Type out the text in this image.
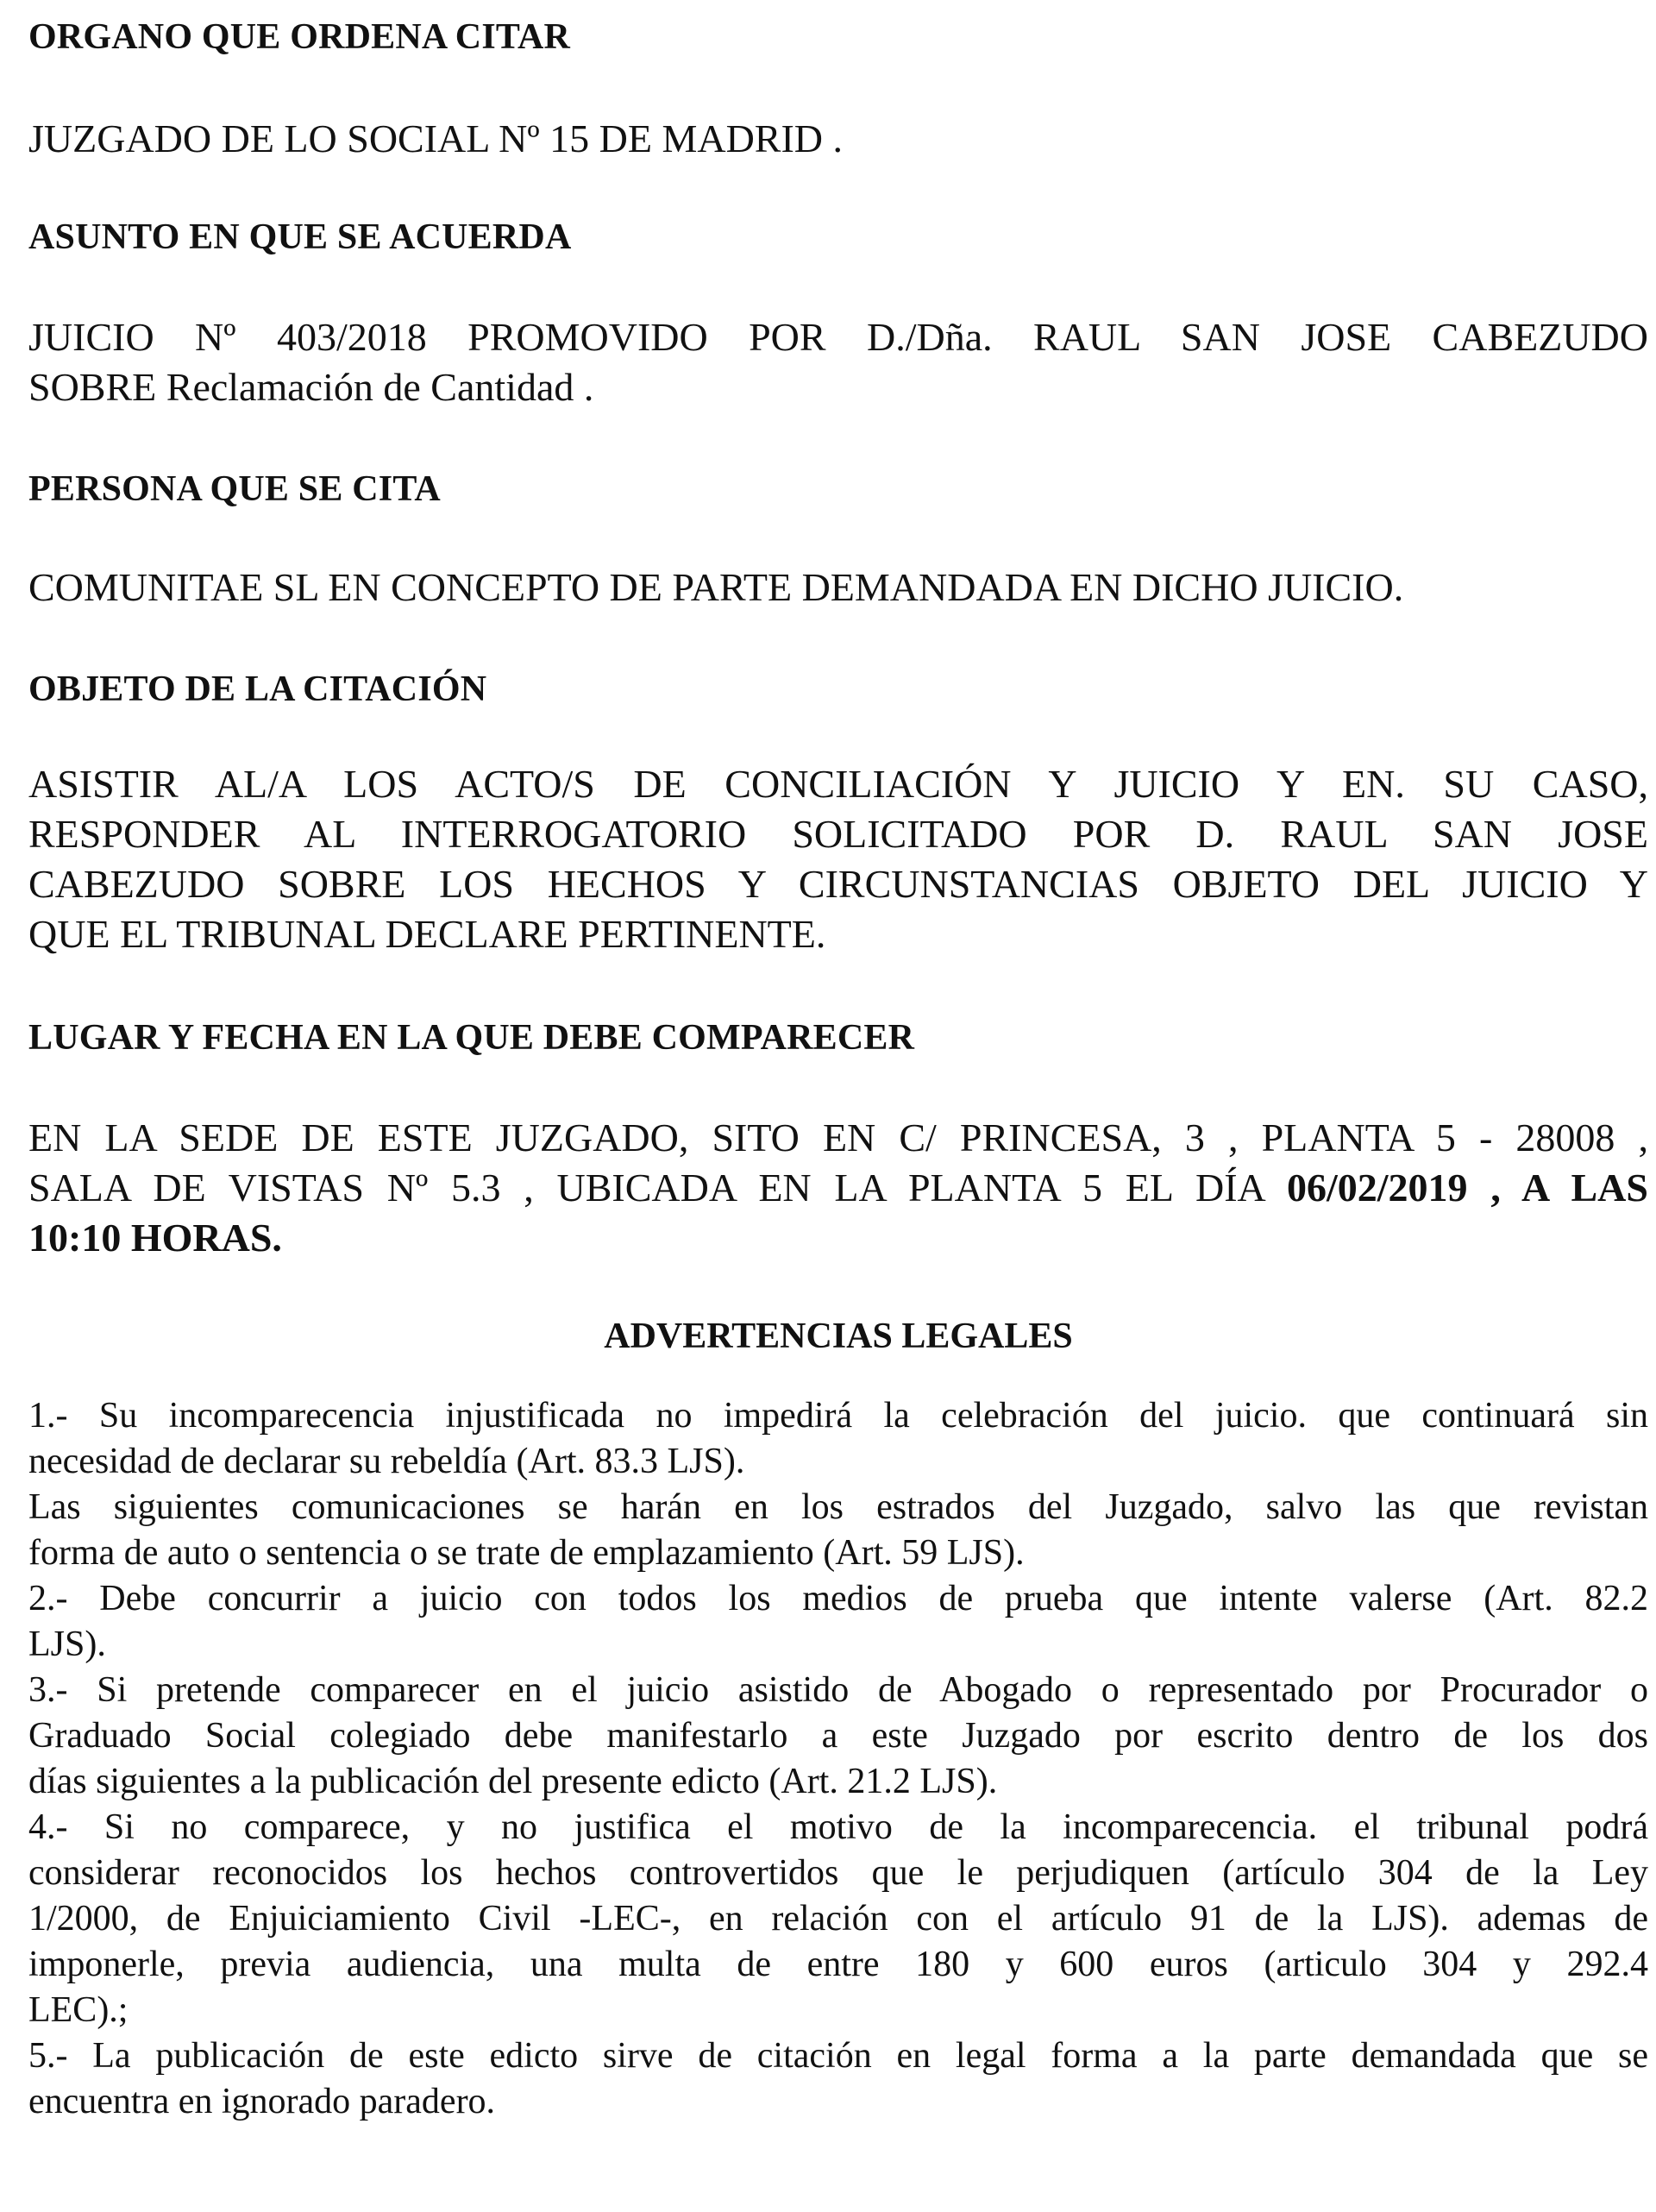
ORGANO QUE ORDENA CITAR
JUZGADO DE LO SOCIAL Nº 15 DE MADRID .
ASUNTO EN QUE SE ACUERDA
JUICIO Nº 403/2018 PROMOVIDO POR D./Dña. RAUL SAN JOSE CABEZUDO
SOBRE Reclamación de Cantidad .
PERSONA QUE SE CITA
COMUNITAE SL EN CONCEPTO DE PARTE DEMANDADA EN DICHO JUICIO.
OBJETO DE LA CITACIÓN
ASISTIR AL/A LOS ACTO/S DE CONCILIACIÓN Y JUICIO Y EN. SU CASO,
RESPONDER AL INTERROGATORIO SOLICITADO POR D. RAUL SAN JOSE
CABEZUDO SOBRE LOS HECHOS Y CIRCUNSTANCIAS OBJETO DEL JUICIO Y
QUE EL TRIBUNAL DECLARE PERTINENTE.
LUGAR Y FECHA EN LA QUE DEBE COMPARECER
EN LA SEDE DE ESTE JUZGADO, SITO EN C/ PRINCESA, 3 , PLANTA 5 - 28008 ,
SALA DE VISTAS Nº 5.3 , UBICADA EN LA PLANTA 5 EL DÍA 06/02/2019 , A LAS
10:10 HORAS.
ADVERTENCIAS LEGALES
1.- Su incomparecencia injustificada no impedirá la celebración del juicio. que continuará sin
necesidad de declarar su rebeldía (Art. 83.3 LJS).
Las siguientes comunicaciones se harán en los estrados del Juzgado, salvo las que revistan
forma de auto o sentencia o se trate de emplazamiento (Art. 59 LJS).
2.- Debe concurrir a juicio con todos los medios de prueba que intente valerse (Art. 82.2
LJS).
3.- Si pretende comparecer en el juicio asistido de Abogado o representado por Procurador o
Graduado Social colegiado debe manifestarlo a este Juzgado por escrito dentro de los dos
días siguientes a la publicación del presente edicto (Art. 21.2 LJS).
4.- Si no comparece, y no justifica el motivo de la incomparecencia. el tribunal podrá
considerar reconocidos los hechos controvertidos que le perjudiquen (artículo 304 de la Ley
1/2000, de Enjuiciamiento Civil -LEC-, en relación con el artículo 91 de la LJS). ademas de
imponerle, previa audiencia, una multa de entre 180 y 600 euros (articulo 304 y 292.4
LEC).;
5.- La publicación de este edicto sirve de citación en legal forma a la parte demandada que se
encuentra en ignorado paradero.
